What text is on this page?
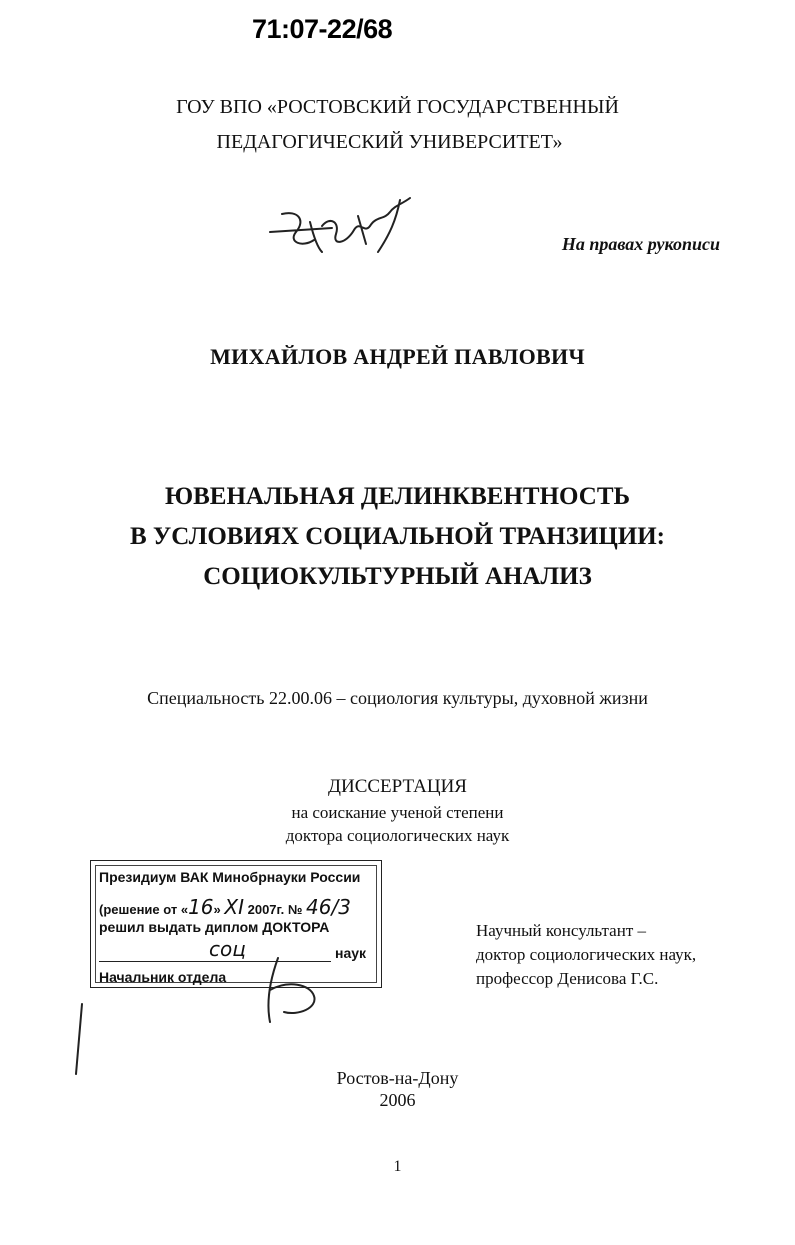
71:07-22/68
ГОУ ВПО «РОСТОВСКИЙ ГОСУДАРСТВЕННЫЙ
ПЕДАГОГИЧЕСКИЙ УНИВЕРСИТЕТ»
На правах рукописи
МИХАЙЛОВ АНДРЕЙ ПАВЛОВИЧ
ЮВЕНАЛЬНАЯ ДЕЛИНКВЕНТНОСТЬ
В УСЛОВИЯХ СОЦИАЛЬНОЙ ТРАНЗИЦИИ:
СОЦИОКУЛЬТУРНЫЙ АНАЛИЗ
Специальность 22.00.06 – социология культуры, духовной жизни
ДИССЕРТАЦИЯ
на соискание ученой степени
доктора социологических наук
Президиум ВАК Минобрнауки России
(решение от «16» XI 2007г. № 46/3
решил выдать диплом ДОКТОРА
соц	наук
Начальник отдела
Научный консультант –
доктор социологических наук,
профессор Денисова Г.С.
Ростов-на-Дону
2006
1
